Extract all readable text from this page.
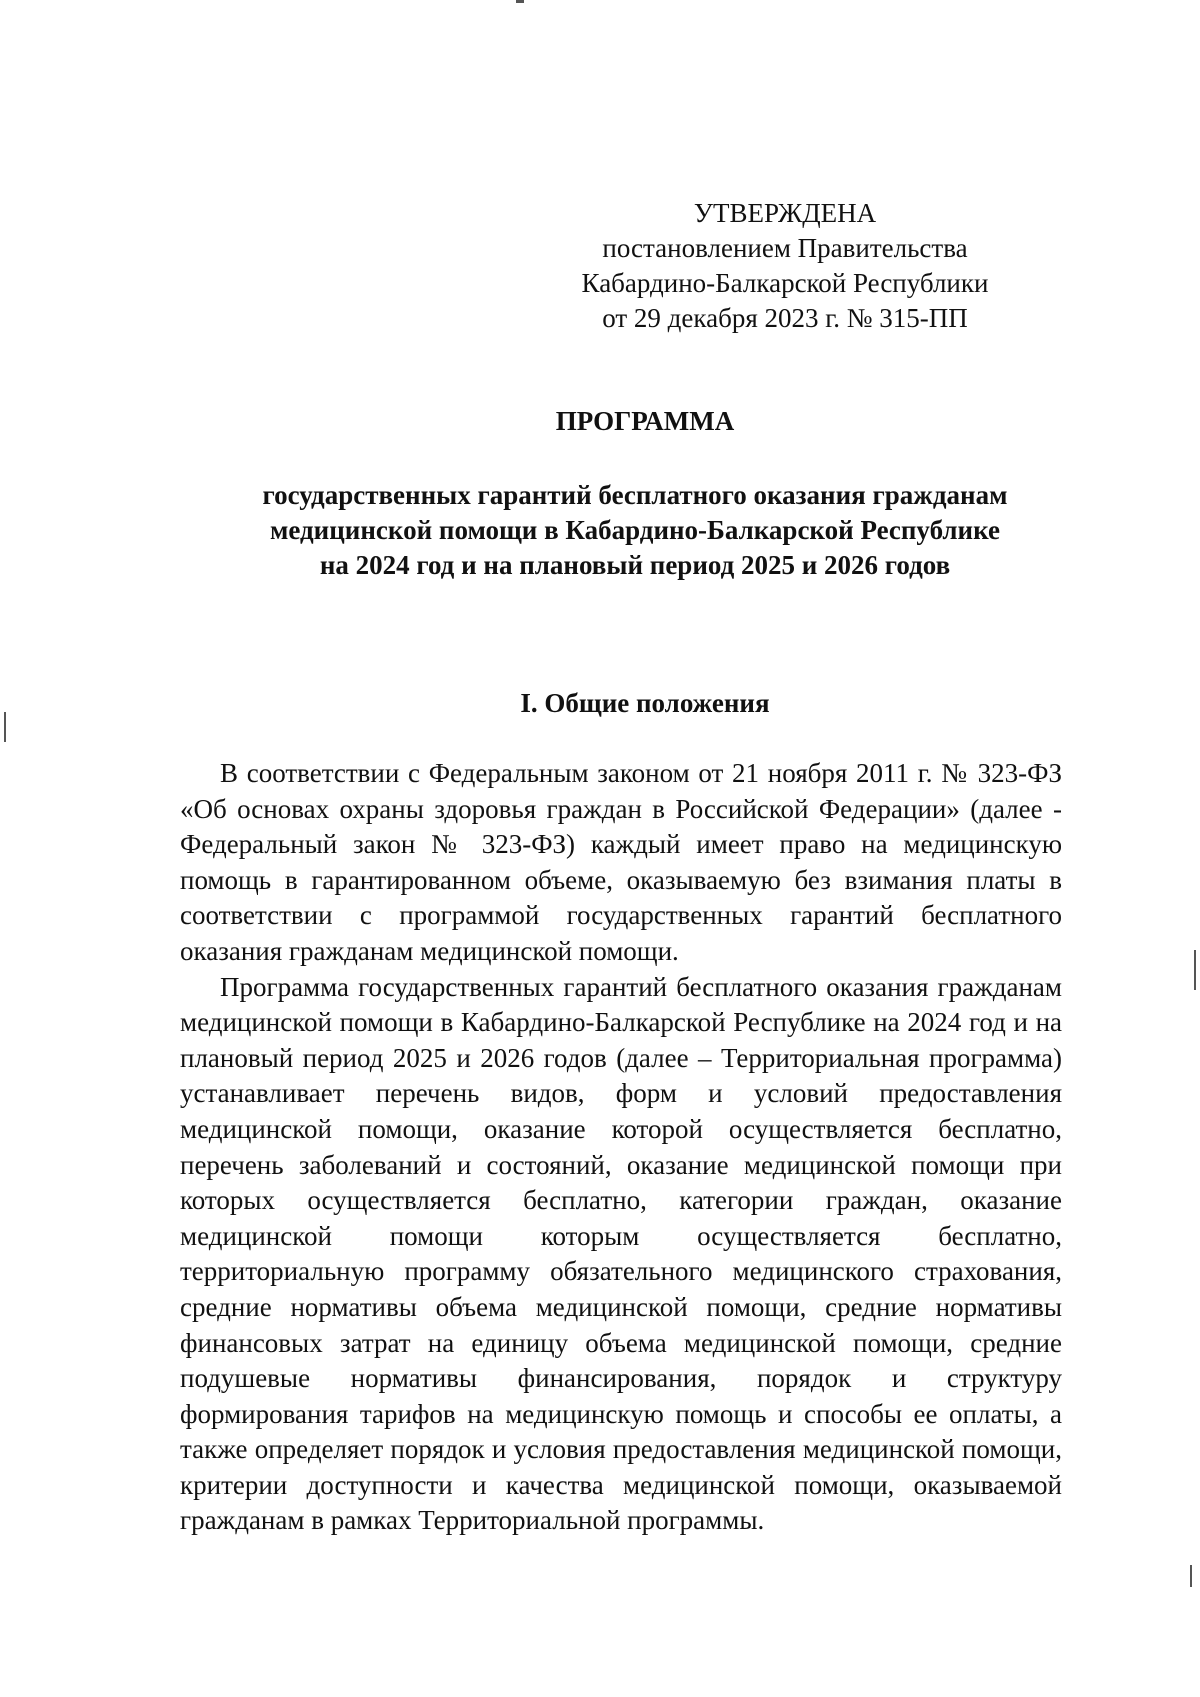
УТВЕРЖДЕНА
постановлением Правительства
Кабардино-Балкарской Республики
от 29 декабря 2023 г. № 315-ПП
ПРОГРАММА
государственных гарантий бесплатного оказания гражданам
медицинской помощи в Кабардино-Балкарской Республике
на 2024 год и на плановый период 2025 и 2026 годов
I. Общие положения

В соответствии с Федеральным законом от 21 ноября 2011 г. № 323-ФЗ «Об основах охраны здоровья граждан в Российской Федерации» (далее - Федеральный закон № 323-ФЗ) каждый имеет право на медицинскую помощь в гарантированном объеме, оказываемую без взимания платы в соответствии с программой государственных гарантий бесплатного оказания гражданам медицинской помощи.

Программа государственных гарантий бесплатного оказания гражданам медицинской помощи в Кабардино-Балкарской Республике на 2024 год и на плановый период 2025 и 2026 годов (далее – Территориальная программа) устанавливает перечень видов, форм и условий предоставления медицинской помощи, оказание которой осуществляется бесплатно, перечень заболеваний и состояний, оказание медицинской помощи при которых осуществляется бесплатно, категории граждан, оказание медицинской помощи которым осуществляется бесплатно, территориальную программу обязательного медицинского страхования, средние нормативы объема медицинской помощи, средние нормативы финансовых затрат на единицу объема медицинской помощи, средние подушевые нормативы финансирования, порядок и структуру формирования тарифов на медицинскую помощь и способы ее оплаты, а также определяет порядок и условия предоставления медицинской помощи, критерии доступности и качества медицинской помощи, оказываемой гражданам в рамках Территориальной программы.
